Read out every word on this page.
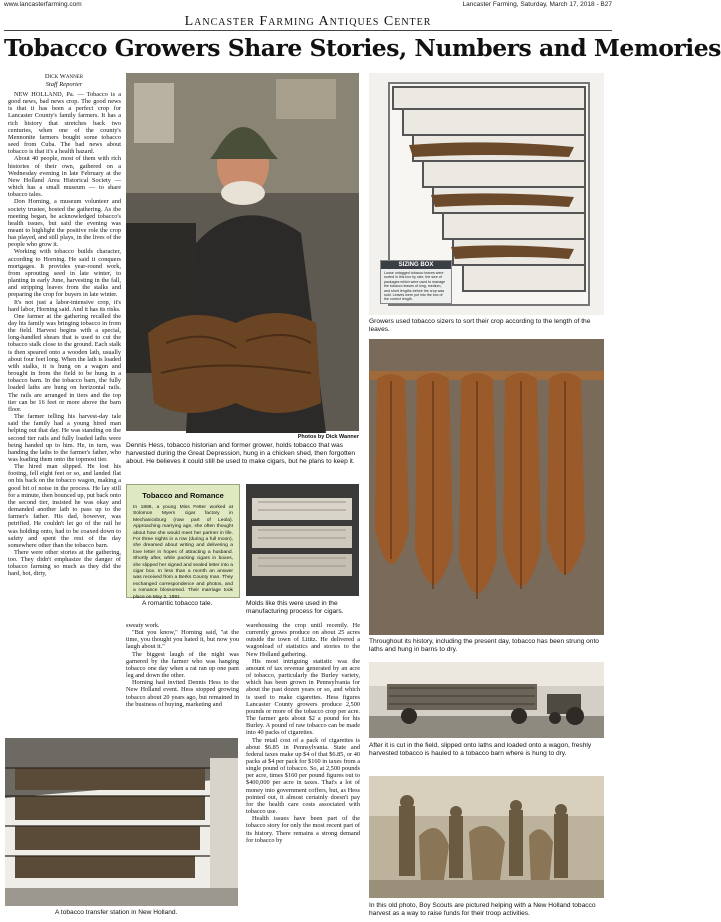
www.lancasterfarming.com	Lancaster Farming, Saturday, March 17, 2018 - B27
Lancaster Farming Antiques Center
Tobacco Growers Share Stories, Numbers and Memories
Dick Wanner
Staff Reporter

NEW HOLLAND, Pa. — Tobacco is a good news, bad news crop. The good news is that it has been a perfect crop for Lancaster County's family farmers. It has a rich history that stretches back two centuries, when one of the county's Mennonite farmers bought some tobacco seed from Cuba. The bad news about tobacco is that it's a health hazard.

About 40 people, most of them with rich histories of their own, gathered on a Wednesday evening in late February at the New Holland Area Historical Society — which has a small museum — to share tobacco tales.

Don Horning, a museum volunteer and society trustee, hosted the gathering. As the meeting began, he acknowledged tobacco's health issues, but said the evening was meant to highlight the positive role the crop has played, and still plays, in the lives of the people who grow it.

Working with tobacco builds character, according to Horning. He said it conquers mortgages. It provides year-round work, from sprouting seed in late winter, to planting in early June, harvesting in the fall, and stripping leaves from the stalks and preparing the crop for buyers in late winter.

It's not just a labor-intensive crop, it's hard labor, Horning said. And it has its risks.

One farmer at the gathering recalled the day his family was bringing tobacco in from the field. Harvest begins with a special, long-handled shears that is used to cut the tobacco stalk close to the ground. Each stalk is then speared onto a wooden lath, usually about four feet long. When the lath is loaded with stalks, it is hung on a wagon and brought in from the field to be hung in a tobacco barn. In the tobacco barn, the fully loaded laths are hung on horizontal rails. The rails are arranged in tiers and the top tier can be 16 feet or more above the barn floor.

The farmer telling his harvest-day tale said the family had a young hired man helping out that day. He was standing on the second tier rails and fully loaded laths were being handed up to him. He, in turn, was handing the laths to the farmer's father, who was loading them onto the topmost tier.

The hired man slipped. He lost his footing, fell eight feet or so, and landed flat on his back on the tobacco wagon, making a good bit of noise in the process. He lay still for a minute, then bounced up, put back onto the second tier, insisted he was okay and demanded another lath to pass up to the farmer's father. His dad, however, was petrified. He couldn't let go of the rail he was holding onto, had to be coaxed down to safety and spent the rest of the day somewhere other than the tobacco barn.

There were other stories at the gathering, too. They didn't emphasize the danger of tobacco farming so much as they did the hard, hot, dirty,

Photos by Dick Wanner
Dennis Hess, tobacco historian and former grower, holds tobacco that was harvested during the Great Depression, hung in a chicken shed, then forgotten about. He believes it could still be used to make cigars, but he plans to keep it.
Tobacco and Romance
In 1886, a young Miss Fetter worked at Solomon Myers cigar factory in Mechanicsburg (now part of Leola). Approaching marrying age, she often thought about how she would meet her partner in life. For three nights in a row (during a full moon), she dreamed about writing and delivering a love letter in hopes of attracting a husband. Shortly after, while packing cigars in boxes, she slipped her signed and sealed letter into a cigar box. In less than a month an answer was received from a Berks County man. They exchanged correspondence and photos, and a romance blossomed. Their marriage took place on May 2, 1891.
A romantic tobacco tale.	Molds like this were used in the manufacturing process for cigars.

sweaty work.

"But you know," Horning said, "at the time, you thought you hated it, but now you laugh about it."

The biggest laugh of the night was garnered by the farmer who was hanging tobacco one day when a rat ran up one pant leg and down the other.

Horning had invited Dennis Hess to the New Holland event. Hess stopped growing tobacco about 20 years ago, but remained in the business of buying, marketing and

warehousing the crop until recently. He currently grows produce on about 25 acres outside the town of Lititz. He delivered a wagonload of statistics and stories to the New Holland gathering.

His most intriguing statistic was the amount of tax revenue generated by an acre of tobacco, particularly the Burley variety, which has been grown in Pennsylvania for about the past dozen years or so, and which is used to make cigarettes. Hess figures Lancaster County growers produce 2,500 pounds or more of the tobacco crop per acre. The farmer gets about $2 a pound for his Burley. A pound of raw tobacco can be made into 40 packs of cigarettes.

The retail cost of a pack of cigarettes is about $6.85 in Pennsylvania. State and federal taxes make up $4 of that $6.85, or 40 packs at $4 per pack for $160 in taxes from a single pound of tobacco. So, at 2,500 pounds per acre, times $160 per pound figures out to $400,000 per acre in taxes. That's a lot of money into government coffers, but, as Hess pointed out, it almost certainly doesn't pay for the health care costs associated with tobacco use.

Health issues have been part of the tobacco story for only the most recent part of its history. There remains a strong demand for tobacco by

A tobacco transfer station in New Holland.
SIZING BOX
Loose untagged tobacco leaves were sorted in this box by size, the size of packages which were used to manage the tobacco leaves of long, medium, and short lengths before the crop was sold. Leaves were put into the box of the correct length.
Growers used tobacco sizers to sort their crop according to the length of the leaves.
Throughout its history, including the present day, tobacco has been strung onto laths and hung in barns to dry.
After it is cut in the field, slipped onto laths and loaded onto a wagon, freshly harvested tobacco is hauled to a tobacco barn where is hung to dry.
In this old photo, Boy Scouts are pictured helping with a New Holland tobacco harvest as a way to raise funds for their troop activities.
